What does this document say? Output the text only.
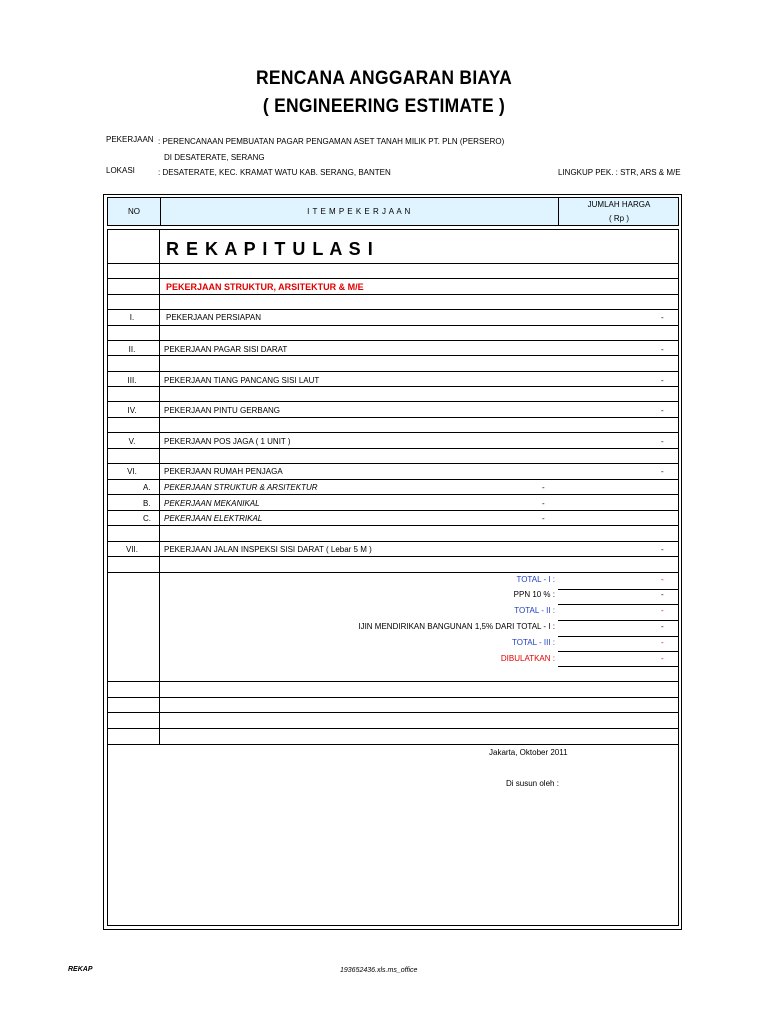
RENCANA ANGGARAN BIAYA
( ENGINEERING ESTIMATE )
PEKERJAAN : PERENCANAAN PEMBUATAN PAGAR PENGAMAN ASET TANAH MILIK PT. PLN (PERSERO)
DI DESATERATE, SERANG
LOKASI	: DESATERATE, KEC. KRAMAT WATU KAB. SERANG, BANTEN	LINGKUP PEK. : STR, ARS & M/E
NO	I T E M P E K E R J A A N
JUMLAH HARGA
( Rp )
R E K A P I T U L A S I
PEKERJAAN STRUKTUR, ARSITEKTUR & M/E
I.	PEKERJAAN PERSIAPAN	-
II.	PEKERJAAN PAGAR SISI DARAT	-
III.	PEKERJAAN TIANG PANCANG SISI LAUT	-
IV.	PEKERJAAN PINTU GERBANG	-
V.	PEKERJAAN POS JAGA ( 1 UNIT )	-
VI.	PEKERJAAN RUMAH PENJAGA	-
A. PEKERJAAN STRUKTUR & ARSITEKTUR	-
B. PEKERJAAN MEKANIKAL	-
C. PEKERJAAN ELEKTRIKAL	-
VII.	PEKERJAAN JALAN INSPEKSI SISI DARAT ( Lebar 5 M )	-
TOTAL - I :	-
PPN 10 % :	-
TOTAL - II :	-
IJIN MENDIRIKAN BANGUNAN 1,5% DARI TOTAL - I :	-
TOTAL - III :	-
DIBULATKAN :	-
Jakarta, Oktober 2011
Di susun oleh :
REKAP	193652436.xls.ms_office
